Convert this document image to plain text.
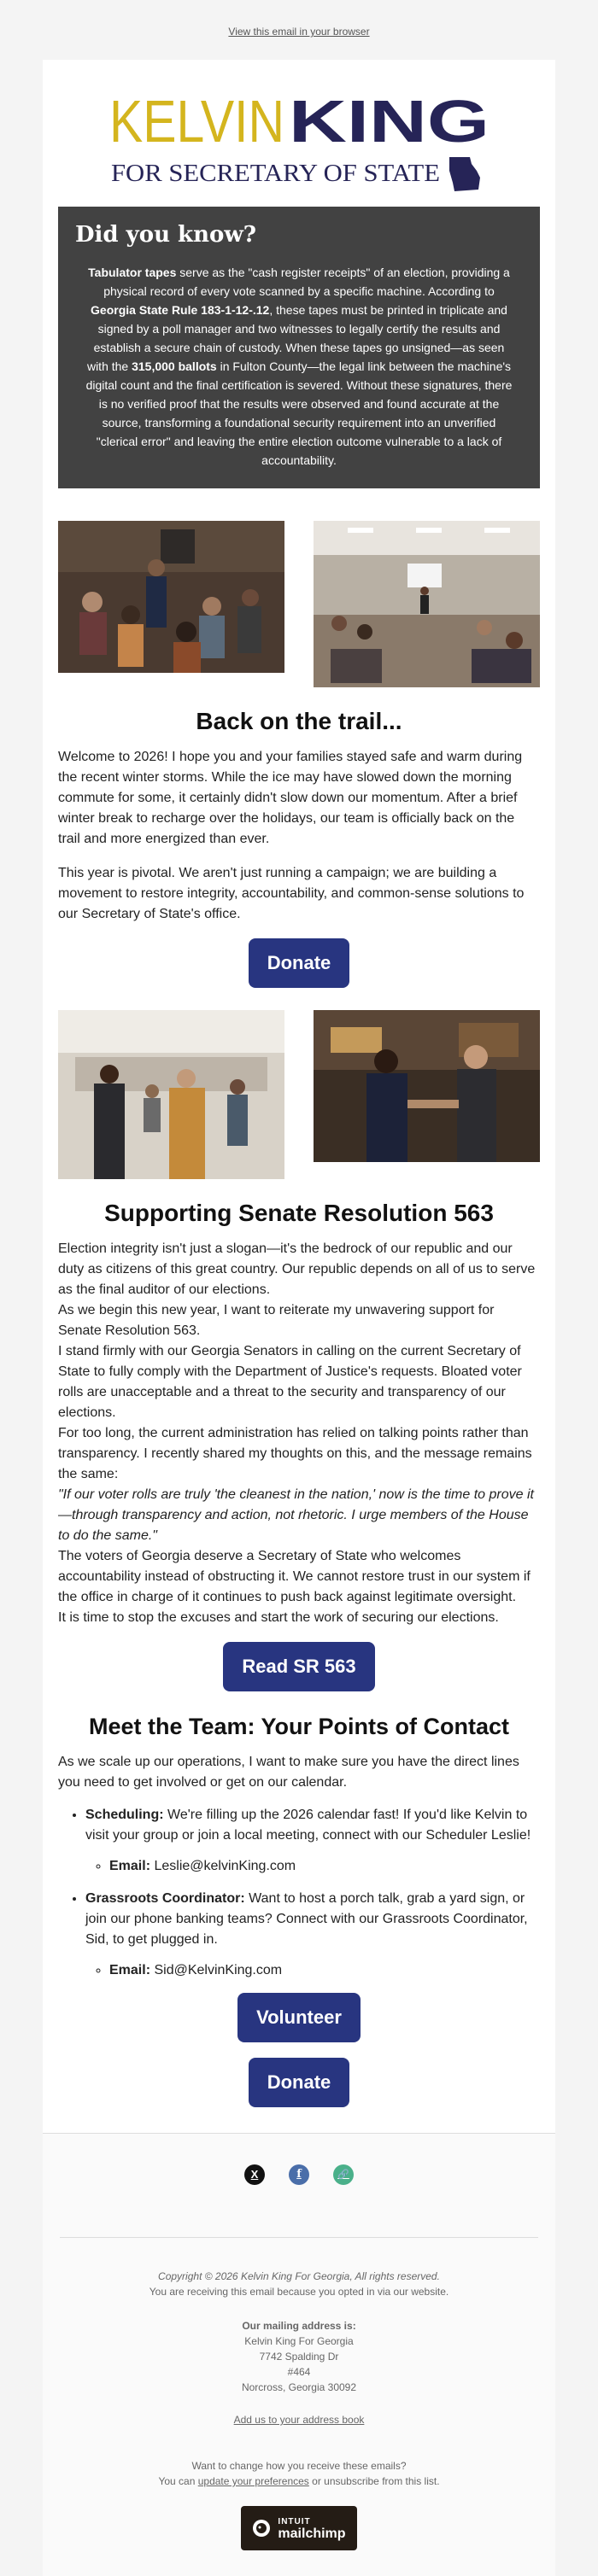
View this email in your browser
KELVIN KING
FOR SECRETARY OF STATE
Did you know?

Tabulator tapes serve as the "cash register receipts" of an election, providing a physical record of every vote scanned by a specific machine. According to Georgia State Rule 183-1-12-.12, these tapes must be printed in triplicate and signed by a poll manager and two witnesses to legally certify the results and establish a secure chain of custody. When these tapes go unsigned—as seen with the 315,000 ballots in Fulton County—the legal link between the machine's digital count and the final certification is severed. Without these signatures, there is no verified proof that the results were observed and found accurate at the source, transforming a foundational security requirement into an unverified "clerical error" and leaving the entire election outcome vulnerable to a lack of accountability.

Back on the trail...

Welcome to 2026! I hope you and your families stayed safe and warm during the recent winter storms. While the ice may have slowed down the morning commute for some, it certainly didn't slow down our momentum. After a brief winter break to recharge over the holidays, our team is officially back on the trail and more energized than ever.

This year is pivotal. We aren't just running a campaign; we are building a movement to restore integrity, accountability, and common-sense solutions to our Secretary of State's office.

Donate
Supporting Senate Resolution 563

Election integrity isn't just a slogan—it's the bedrock of our republic and our duty as citizens of this great country. Our republic depends on all of us to serve as the final auditor of our elections.

As we begin this new year, I want to reiterate my unwavering support for Senate Resolution 563.

I stand firmly with our Georgia Senators in calling on the current Secretary of State to fully comply with the Department of Justice's requests. Bloated voter rolls are unacceptable and a threat to the security and transparency of our elections.

For too long, the current administration has relied on talking points rather than transparency. I recently shared my thoughts on this, and the message remains the same:

"If our voter rolls are truly 'the cleanest in the nation,' now is the time to prove it—through transparency and action, not rhetoric. I urge members of the House to do the same."

The voters of Georgia deserve a Secretary of State who welcomes accountability instead of obstructing it. We cannot restore trust in our system if the office in charge of it continues to push back against legitimate oversight.

It is time to stop the excuses and start the work of securing our elections.

Read SR 563
Meet the Team: Your Points of Contact

As we scale up our operations, I want to make sure you have the direct lines you need to get involved or get on our calendar.

• Scheduling: We're filling up the 2026 calendar fast! If you'd like Kelvin to visit your group or join a local meeting, connect with our Scheduler Leslie!
◦ Email: Leslie@kelvinKing.com
• Grassroots Coordinator: Want to host a porch talk, grab a yard sign, or join our phone banking teams? Connect with our Grassroots Coordinator, Sid, to get plugged in.
◦ Email: Sid@KelvinKing.com
Volunteer
Donate
X	f	🔗
Copyright © 2026 Kelvin King For Georgia, All rights reserved.
You are receiving this email because you opted in via our website.
Our mailing address is:
Kelvin King For Georgia
7742 Spalding Dr
#464
Norcross, Georgia 30092
Add us to your address book
Want to change how you receive these emails?
You can update your preferences or unsubscribe from this list.
INTUIT
mailchimp
